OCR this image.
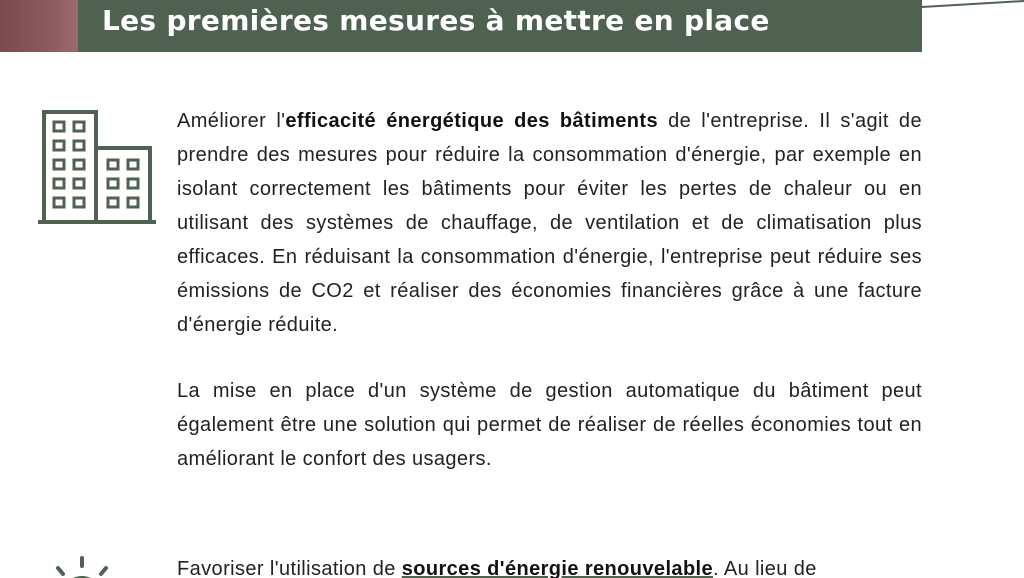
Les premières mesures à mettre en place

Améliorer l'efficacité énergétique des bâtiments de l'entreprise. Il s'agit de prendre des mesures pour réduire la consommation d'énergie, par exemple en isolant correctement les bâtiments pour éviter les pertes de chaleur ou en utilisant des systèmes de chauffage, de ventilation et de climatisation plus efficaces. En réduisant la consommation d'énergie, l'entreprise peut réduire ses émissions de CO2 et réaliser des économies financières grâce à une facture d'énergie réduite.

La mise en place d'un système de gestion automatique du bâtiment peut également être une solution qui permet de réaliser de réelles économies tout en améliorant le confort des usagers.

Favoriser l'utilisation de sources d'énergie renouvelable. Au lieu de
